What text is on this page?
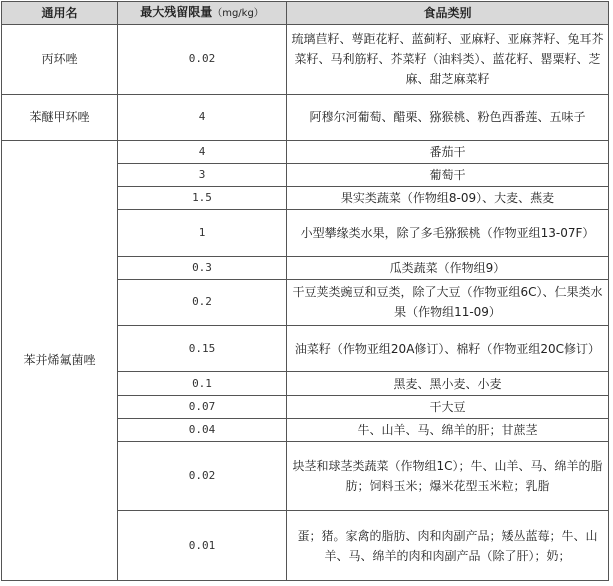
通用名	最大残留限量（mg/kg）	食品类别
丙环唑	0.02	琉璃苣籽、萼距花籽、蓝蓟籽、亚麻籽、亚麻荠籽、兔耳芥菜籽、马利筋籽、芥菜籽（油料类）、蓝花籽、罂粟籽、芝麻、甜芝麻菜籽
苯醚甲环唑	4	阿穆尔河葡萄、醋栗、猕猴桃、粉色西番莲、五味子
苯并烯氟菌唑	4	番茄干
	3	葡萄干
	1.5	果实类蔬菜（作物组8-09）、大麦、燕麦
	1	小型攀缘类水果，除了多毛猕猴桃（作物亚组13-07F）
	0.3	瓜类蔬菜（作物组9）
	0.2	干豆荚类豌豆和豆类，除了大豆（作物亚组6C）、仁果类水果（作物组11-09）
	0.15	油菜籽（作物亚组20A修订）、棉籽（作物亚组20C修订）
	0.1	黑麦、黑小麦、小麦
	0.07	干大豆
	0.04	牛、山羊、马、绵羊的肝；甘蔗茎
	0.02	块茎和球茎类蔬菜（作物组1C）；牛、山羊、马、绵羊的脂肪；饲料玉米；爆米花型玉米粒；乳脂
	0.01	蛋；猪。家禽的脂肪、肉和肉副产品；矮丛蓝莓；牛、山羊、马、绵羊的肉和肉副产品（除了肝）；奶；
